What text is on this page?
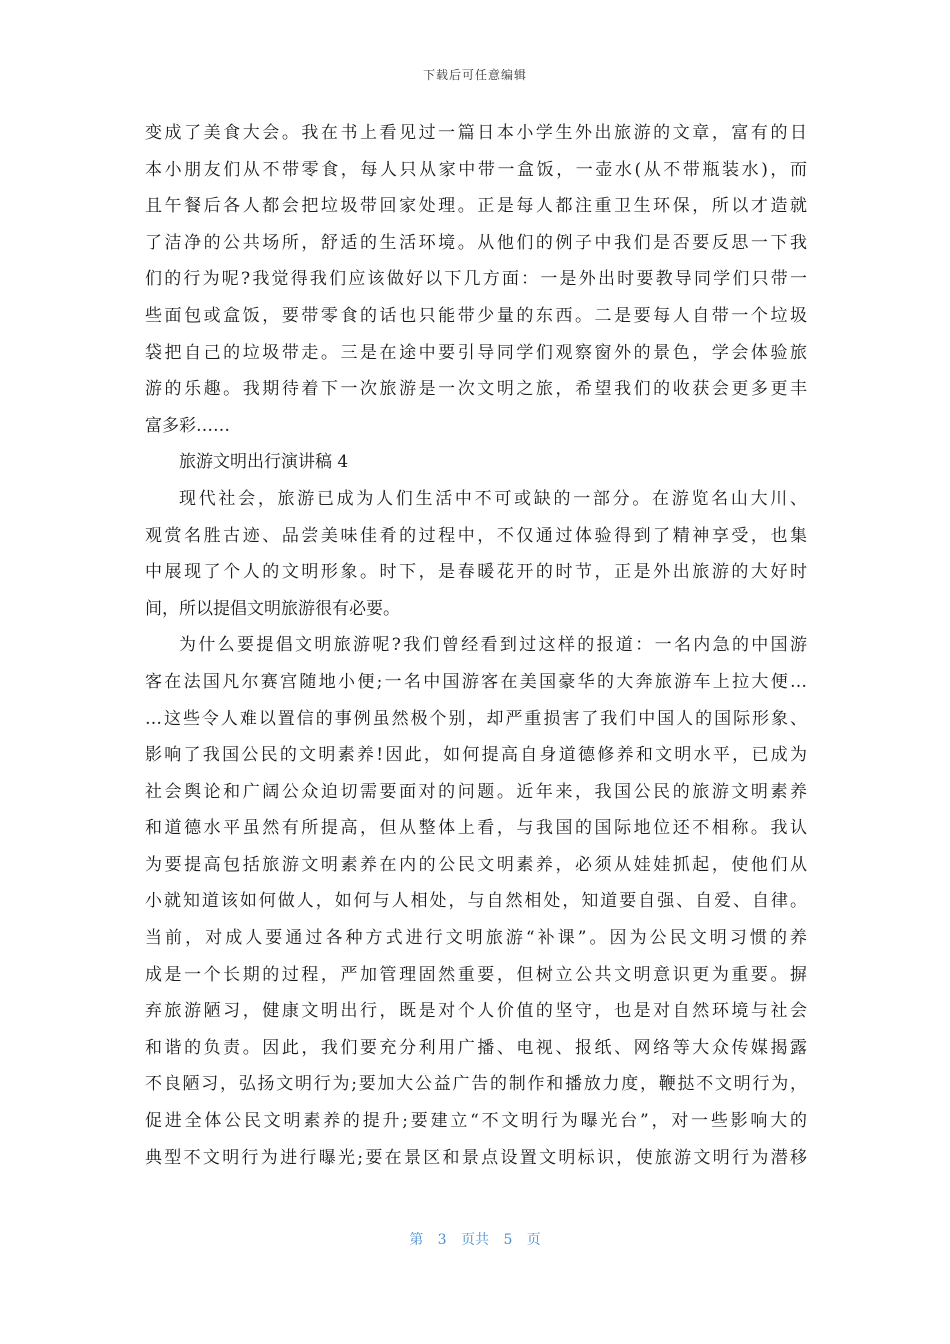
下载后可任意编辑
变成了美食大会。我在书上看见过一篇日本小学生外出旅游的文章，富有的日
本小朋友们从不带零食，每人只从家中带一盒饭，一壶水(从不带瓶装水)，而
且午餐后各人都会把垃圾带回家处理。正是每人都注重卫生环保，所以才造就
了洁净的公共场所，舒适的生活环境。从他们的例子中我们是否要反思一下我
们的行为呢?我觉得我们应该做好以下几方面：一是外出时要教导同学们只带一
些面包或盒饭，要带零食的话也只能带少量的东西。二是要每人自带一个垃圾
袋把自己的垃圾带走。三是在途中要引导同学们观察窗外的景色，学会体验旅
游的乐趣。我期待着下一次旅游是一次文明之旅，希望我们的收获会更多更丰
富多彩……
旅游文明出行演讲稿 4
现代社会，旅游已成为人们生活中不可或缺的一部分。在游览名山大川、
观赏名胜古迹、品尝美味佳肴的过程中，不仅通过体验得到了精神享受，也集
中展现了个人的文明形象。时下，是春暖花开的时节，正是外出旅游的大好时
间，所以提倡文明旅游很有必要。
为什么要提倡文明旅游呢?我们曾经看到过这样的报道：一名内急的中国游
客在法国凡尔赛宫随地小便;一名中国游客在美国豪华的大奔旅游车上拉大便…
…这些令人难以置信的事例虽然极个别，却严重损害了我们中国人的国际形象、
影响了我国公民的文明素养!因此，如何提高自身道德修养和文明水平，已成为
社会舆论和广阔公众迫切需要面对的问题。近年来，我国公民的旅游文明素养
和道德水平虽然有所提高，但从整体上看，与我国的国际地位还不相称。我认
为要提高包括旅游文明素养在内的公民文明素养，必须从娃娃抓起，使他们从
小就知道该如何做人，如何与人相处，与自然相处，知道要自强、自爱、自律。
当前，对成人要通过各种方式进行文明旅游“补课”。因为公民文明习惯的养
成是一个长期的过程，严加管理固然重要，但树立公共文明意识更为重要。摒
弃旅游陋习，健康文明出行，既是对个人价值的坚守，也是对自然环境与社会
和谐的负责。因此，我们要充分利用广播、电视、报纸、网络等大众传媒揭露
不良陋习，弘扬文明行为;要加大公益广告的制作和播放力度，鞭挞不文明行为，
促进全体公民文明素养的提升;要建立“不文明行为曝光台”，对一些影响大的
典型不文明行为进行曝光;要在景区和景点设置文明标识，使旅游文明行为潜移
第 3 页共 5 页
